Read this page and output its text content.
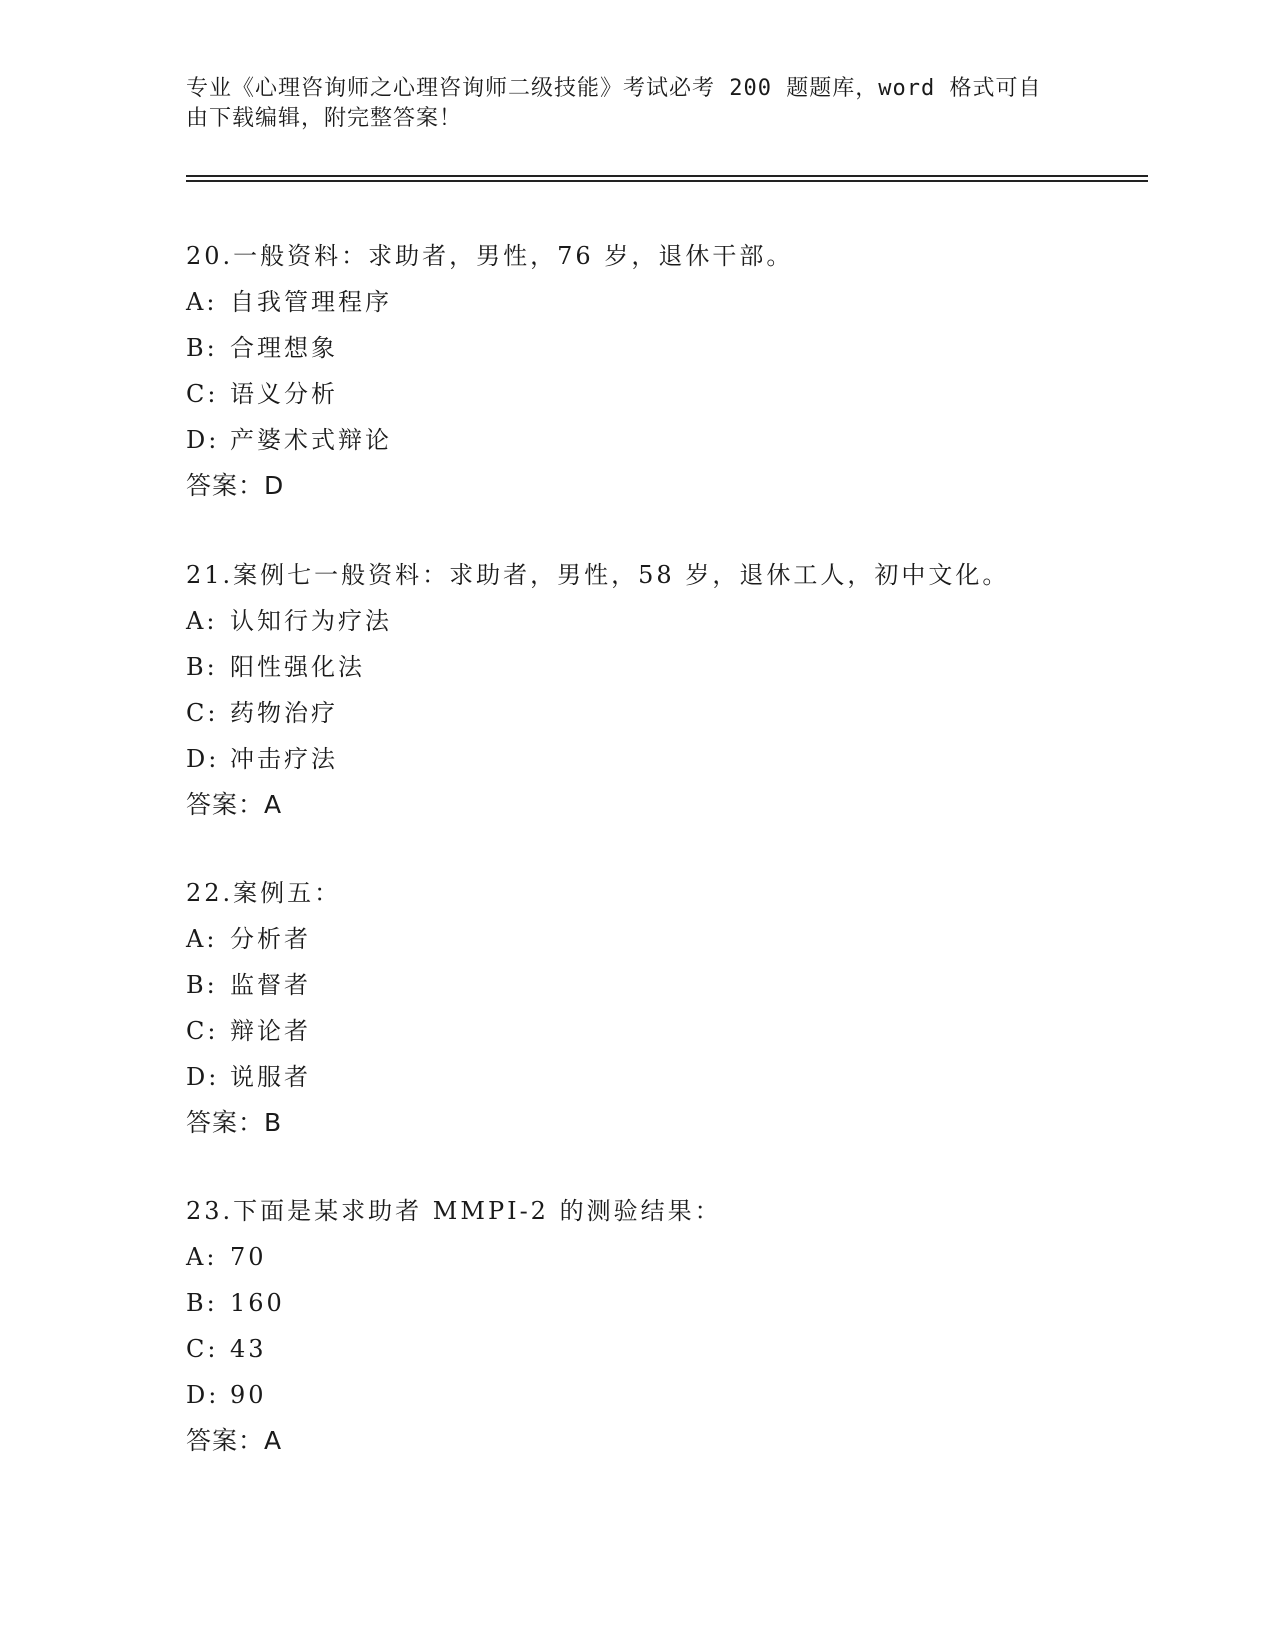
专业《心理咨询师之心理咨询师二级技能》考试必考 200 题题库，word 格式可自
由下载编辑，附完整答案！
20.一般资料：求助者，男性，76 岁，退休干部。
A: 自我管理程序
B: 合理想象
C: 语义分析
D: 产婆术式辩论
答案：D
21.案例七一般资料：求助者，男性，58 岁，退休工人，初中文化。
A: 认知行为疗法
B: 阳性强化法
C: 药物治疗
D: 冲击疗法
答案：A
22.案例五：
A: 分析者
B: 监督者
C: 辩论者
D: 说服者
答案：B
23.下面是某求助者 MMPI-2 的测验结果：
A: 70
B: 160
C: 43
D: 90
答案：A
